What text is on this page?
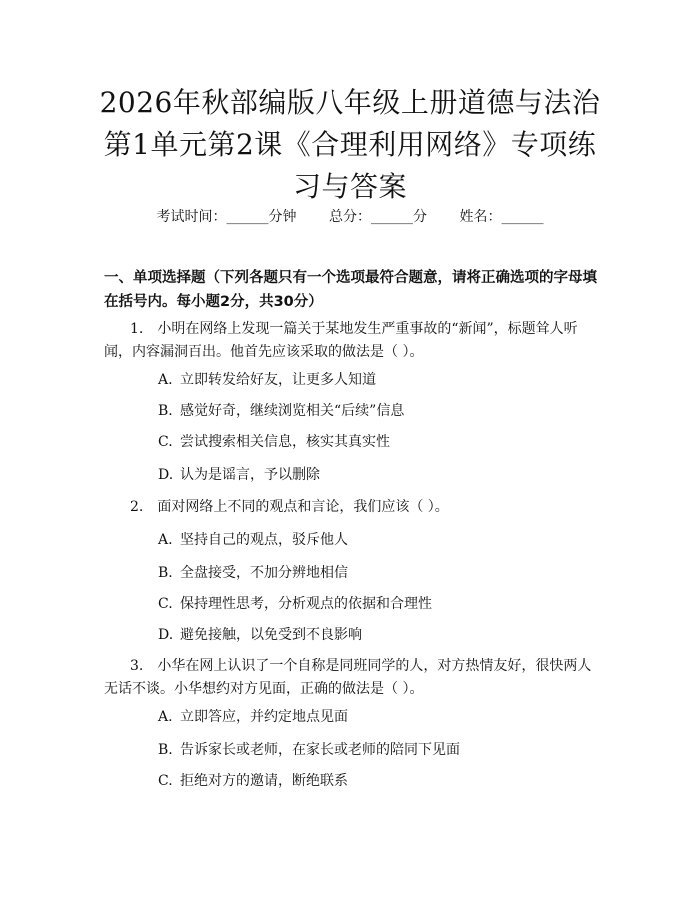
2026年秋部编版八年级上册道德与法治第1单元第2课《合理利用网络》专项练习与答案
考试时间：______分钟 总分：______分 姓名：______
一、单项选择题（下列各题只有一个选项最符合题意，请将正确选项的字母填在括号内。每小题2分，共30分）
1. 小明在网络上发现一篇关于某地发生严重事故的“新闻”，标题耸人听闻，内容漏洞百出。他首先应该采取的做法是（ ）。
A. 立即转发给好友，让更多人知道
B. 感觉好奇，继续浏览相关“后续”信息
C. 尝试搜索相关信息，核实其真实性
D. 认为是谣言，予以删除
2. 面对网络上不同的观点和言论，我们应该（ ）。
A. 坚持自己的观点，驳斥他人
B. 全盘接受，不加分辨地相信
C. 保持理性思考，分析观点的依据和合理性
D. 避免接触，以免受到不良影响
3. 小华在网上认识了一个自称是同班同学的人，对方热情友好，很快两人无话不谈。小华想约对方见面，正确的做法是（ ）。
A. 立即答应，并约定地点见面
B. 告诉家长或老师，在家长或老师的陪同下见面
C. 拒绝对方的邀请，断绝联系
